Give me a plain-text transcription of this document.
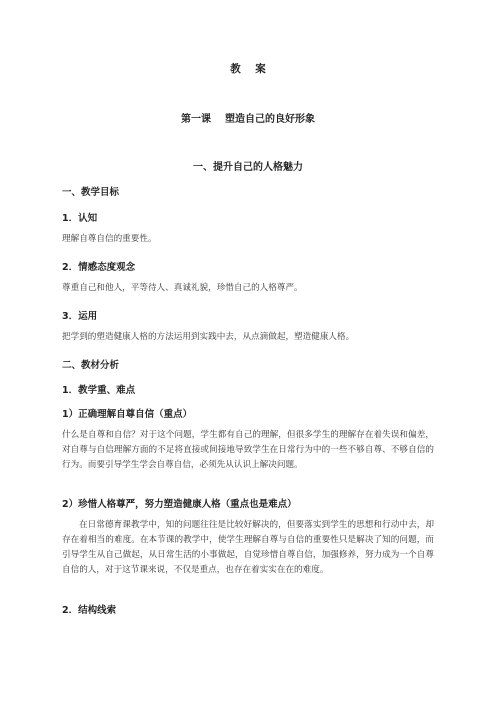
教    案
第一课    塑造自己的良好形象
一、提升自己的人格魅力
一、教学目标
1．认知
理解自尊自信的重要性。
2．情感态度观念
尊重自己和他人，平等待人、真诚礼貌，珍惜自己的人格尊严。
3．运用
把学到的塑造健康人格的方法运用到实践中去，从点滴做起，塑造健康人格。
二、教材分析
1．教学重、难点
1）正确理解自尊自信（重点）
什么是自尊和自信？对于这个问题，学生都有自己的理解，但很多学生的理解存在着失误和偏差，对自尊与自信理解方面的不足将直接或间接地导致学生在日常行为中的一些不够自尊、不够自信的行为。而要引导学生学会自尊自信，必须先从认识上解决问题。
2）珍惜人格尊严，努力塑造健康人格（重点也是难点）
在日常德育课教学中，知的问题往往是比较好解决的，但要落实到学生的思想和行动中去，却存在着相当的难度。在本节课的教学中，使学生理解自尊与自信的重要性只是解决了知的问题，而引导学生从自己做起，从日常生活的小事做起，自觉珍惜自尊自信，加强修养，努力成为一个自尊自信的人，对于这节课来说，不仅是重点，也存在着实实在在的难度。
2．结构线索
